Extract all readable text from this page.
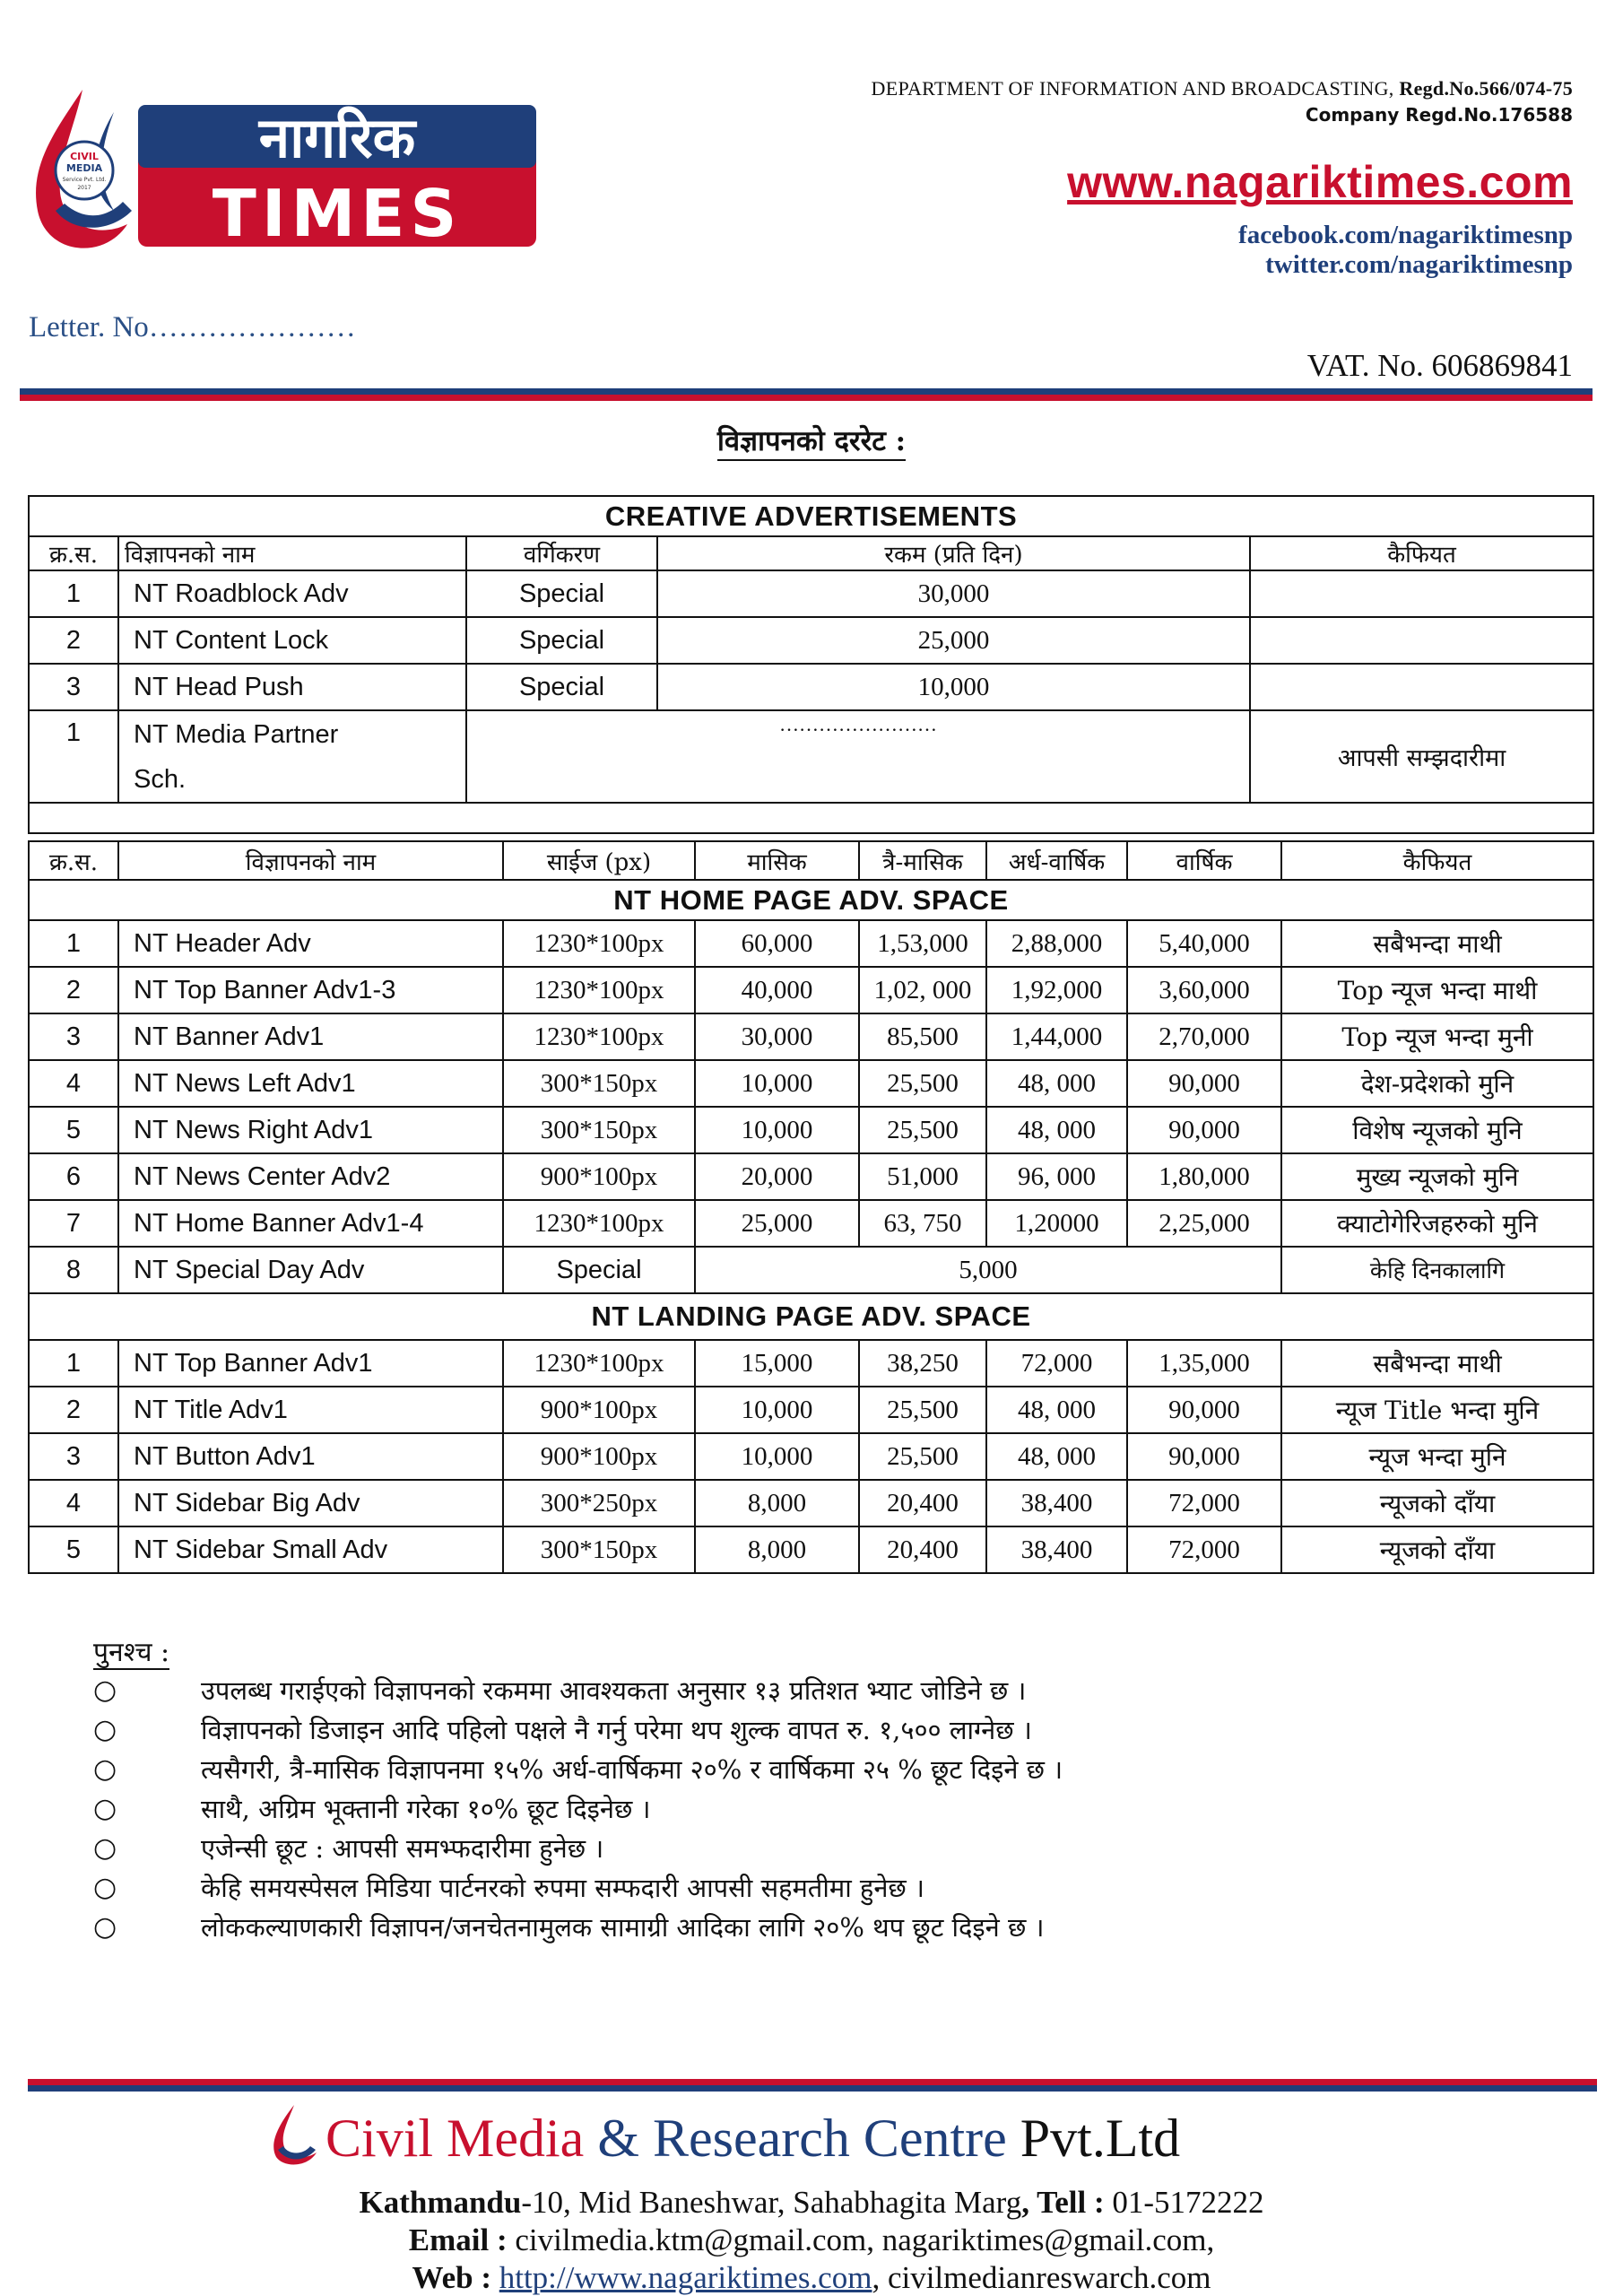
CIVIL
MEDIA
Service Pvt. Ltd.
2017
नागरिक
TIMES
DEPARTMENT OF INFORMATION AND BROADCASTING, Regd.No.566/074-75
Company Regd.No.176588
www.nagariktimes.com
facebook.com/nagariktimesnp
twitter.com/nagariktimesnp
Letter. No…………………
VAT. No. 606869841
विज्ञापनको दररेट :
CREATIVE ADVERTISEMENTS				
क्र.स.	विज्ञापनको नाम	वर्गिकरण	रकम (प्रति दिन)	कैफियत
1	NT Roadblock Adv	Special	30,000	
2	NT Content Lock	Special	25,000	
3	NT Head Push	Special	10,000	
1	NT Media Partner
Sch.	……………………		आपसी सम्झदारीमा

क्र.स.	विज्ञापनको नाम	साईज (px)	मासिक	त्रै-मासिक	अर्ध-वार्षिक	वार्षिक	कैफियत
NT HOME PAGE ADV. SPACE							
1	NT Header Adv	1230*100px	60,000	1,53,000	2,88,000	5,40,000	सबैभन्दा माथी
2	NT Top Banner Adv1-3	1230*100px	40,000	1,02, 000	1,92,000	3,60,000	Top न्यूज भन्दा माथी
3	NT Banner Adv1	1230*100px	30,000	85,500	1,44,000	2,70,000	Top न्यूज भन्दा मुनी
4	NT News Left Adv1	300*150px	10,000	25,500	48, 000	90,000	देश-प्रदेशको मुनि
5	NT News Right Adv1	300*150px	10,000	25,500	48, 000	90,000	विशेष न्यूजको मुनि
6	NT News Center Adv2	900*100px	20,000	51,000	96, 000	1,80,000	मुख्य न्यूजको मुनि
7	NT Home Banner Adv1-4	1230*100px	25,000	63, 750	1,20000	2,25,000	क्याटोगेरिजहरुको मुनि
8	NT Special Day Adv	Special	5,000				केहि दिनकालागि
NT LANDING PAGE ADV. SPACE							
1	NT Top Banner Adv1	1230*100px	15,000	38,250	72,000	1,35,000	सबैभन्दा माथी
2	NT Title Adv1	900*100px	10,000	25,500	48, 000	90,000	न्यूज Title भन्दा मुनि
3	NT Button Adv1	900*100px	10,000	25,500	48, 000	90,000	न्यूज भन्दा मुनि
4	NT Sidebar Big Adv	300*250px	8,000	20,400	38,400	72,000	न्यूजको दाँया
5	NT Sidebar Small Adv	300*150px	8,000	20,400	38,400	72,000	न्यूजको दाँया
पुनश्च :
○	उपलब्ध गराईएको विज्ञापनको रकममा आवश्यकता अनुसार १३ प्रतिशत भ्याट जोडिने छ ।
○	विज्ञापनको डिजाइन आदि पहिलो पक्षले नै गर्नु परेमा थप शुल्क वापत रु. १,५०० लाग्नेछ ।
○	त्यसैगरी, त्रै-मासिक विज्ञापनमा १५% अर्ध-वार्षिकमा २०% र वार्षिकमा २५ % छूट दिइने छ ।
○	साथै, अग्रिम भूक्तानी गरेका १०% छूट दिइनेछ ।
○	एजेन्सी छूट : आपसी समभ्फदारीमा हुनेछ ।
○	केहि समयस्पेसल मिडिया पार्टनरको रुपमा सम्फदारी आपसी सहमतीमा हुनेछ ।
○	लोककल्याणकारी विज्ञापन/जनचेतनामुलक सामाग्री आदिका लागि २०% थप छूट दिइने छ ।
Civil Media & Research Centre Pvt.Ltd
Kathmandu-10, Mid Baneshwar, Sahabhagita Marg, Tell : 01-5172222
Email : civilmedia.ktm@gmail.com, nagariktimes@gmail.com,
Web : http://www.nagariktimes.com, civilmedianreswarch.com
